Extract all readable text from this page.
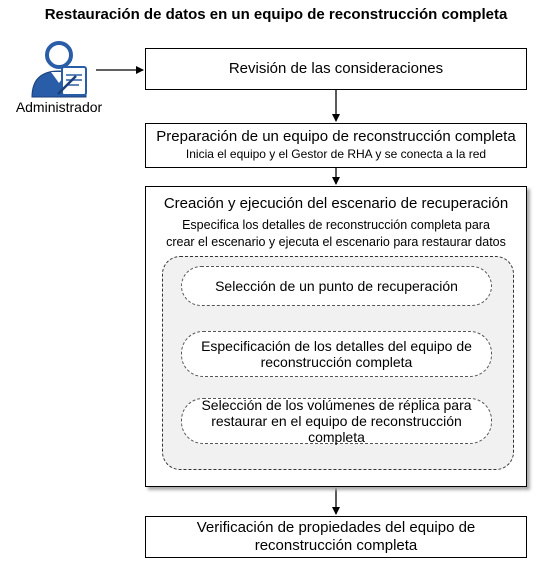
Restauración de datos en un equipo de reconstrucción completa
Administrador
Revisión de las consideraciones
Preparación de un equipo de reconstrucción completa
Inicia el equipo y el Gestor de RHA y se conecta a la red
Creación y ejecución del escenario de recuperación
Especifica los detalles de reconstrucción completa para
crear el escenario y ejecuta el escenario para restaurar datos
Selección de un punto de recuperación
Especificación de los detalles del equipo de
reconstrucción completa
Selección de los volúmenes de réplica para
restaurar en el equipo de reconstrucción
completa
Verificación de propiedades del equipo de
reconstrucción completa
